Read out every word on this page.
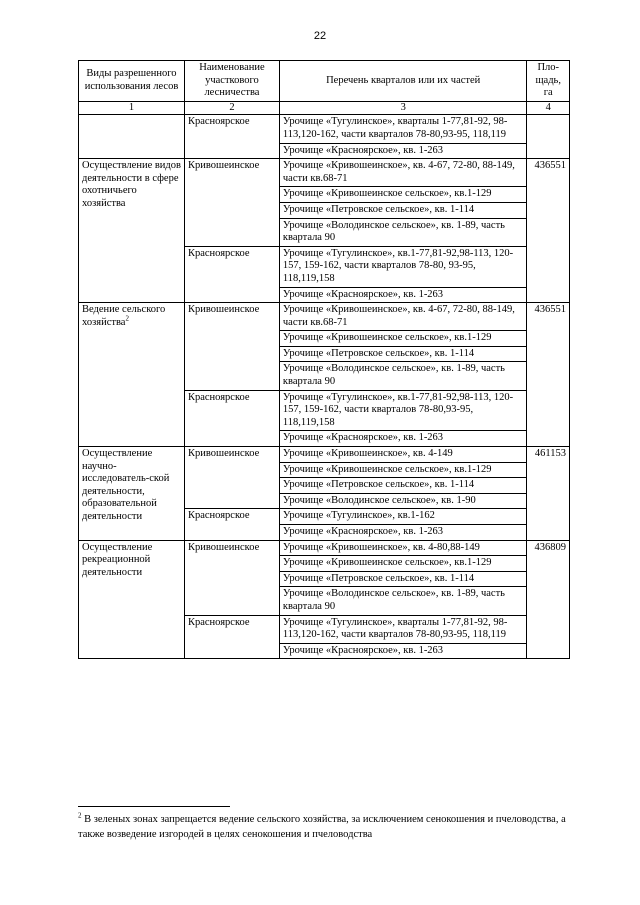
22
Виды разрешенного использования лесов	Наименование участкового лесничества	Перечень кварталов или их частей	Пло-щадь, га
1	2	3	4
	Красноярское	Урочище «Тугулинское», кварталы 1-77,81-92, 98-113,120-162, части кварталов 78-80,93-95, 118,119	
		Урочище «Красноярское», кв. 1-263	
Осуществление видов деятельности в сфере охотничьего хозяйства	Кривошеинское	Урочище «Кривошеинское», кв. 4-67, 72-80, 88-149, части кв.68-71	436551
		Урочище «Кривошеинское сельское», кв.1-129	
		Урочище «Петровское сельское», кв. 1-114	
		Урочище «Володинское сельское», кв. 1-89, часть квартала 90	
	Красноярское	Урочище «Тугулинское», кв.1-77,81-92,98-113, 120-157, 159-162, части кварталов 78-80, 93-95, 118,119,158	
		Урочище «Красноярское», кв. 1-263	
Ведение сельского хозяйства$^2$	Кривошеинское	Урочище «Кривошеинское», кв. 4-67, 72-80, 88-149, части кв.68-71	436551
		Урочище «Кривошеинское сельское», кв.1-129	
		Урочище «Петровское сельское», кв. 1-114	
		Урочище «Володинское сельское», кв. 1-89, часть квартала 90	
	Красноярское	Урочище «Тугулинское», кв.1-77,81-92,98-113, 120-157, 159-162, части кварталов 78-80,93-95, 118,119,158	
		Урочище «Красноярское», кв. 1-263	
Осуществление научно-исследователь-ской деятельности, образовательной деятельности	Кривошеинское	Урочище «Кривошеинское», кв. 4-149	461153
		Урочище «Кривошеинское сельское», кв.1-129	
		Урочище «Петровское сельское», кв. 1-114	
		Урочище «Володинское сельское», кв. 1-90	
	Красноярское	Урочище «Тугулинское», кв.1-162	
		Урочище «Красноярское», кв. 1-263	
Осуществление рекреационной деятельности	Кривошеинское	Урочище «Кривошеинское», кв. 4-80,88-149	436809
		Урочище «Кривошеинское сельское», кв.1-129	
		Урочище «Петровское сельское», кв. 1-114	
		Урочище «Володинское сельское», кв. 1-89, часть квартала 90	
	Красноярское	Урочище «Тугулинское», кварталы 1-77,81-92, 98-113,120-162, части кварталов 78-80,93-95, 118,119	
		Урочище «Красноярское», кв. 1-263	
$^2$ В зеленых зонах запрещается ведение сельского хозяйства, за исключением сенокошения и пчеловодства, а также возведение изгородей в целях сенокошения и пчеловодства
